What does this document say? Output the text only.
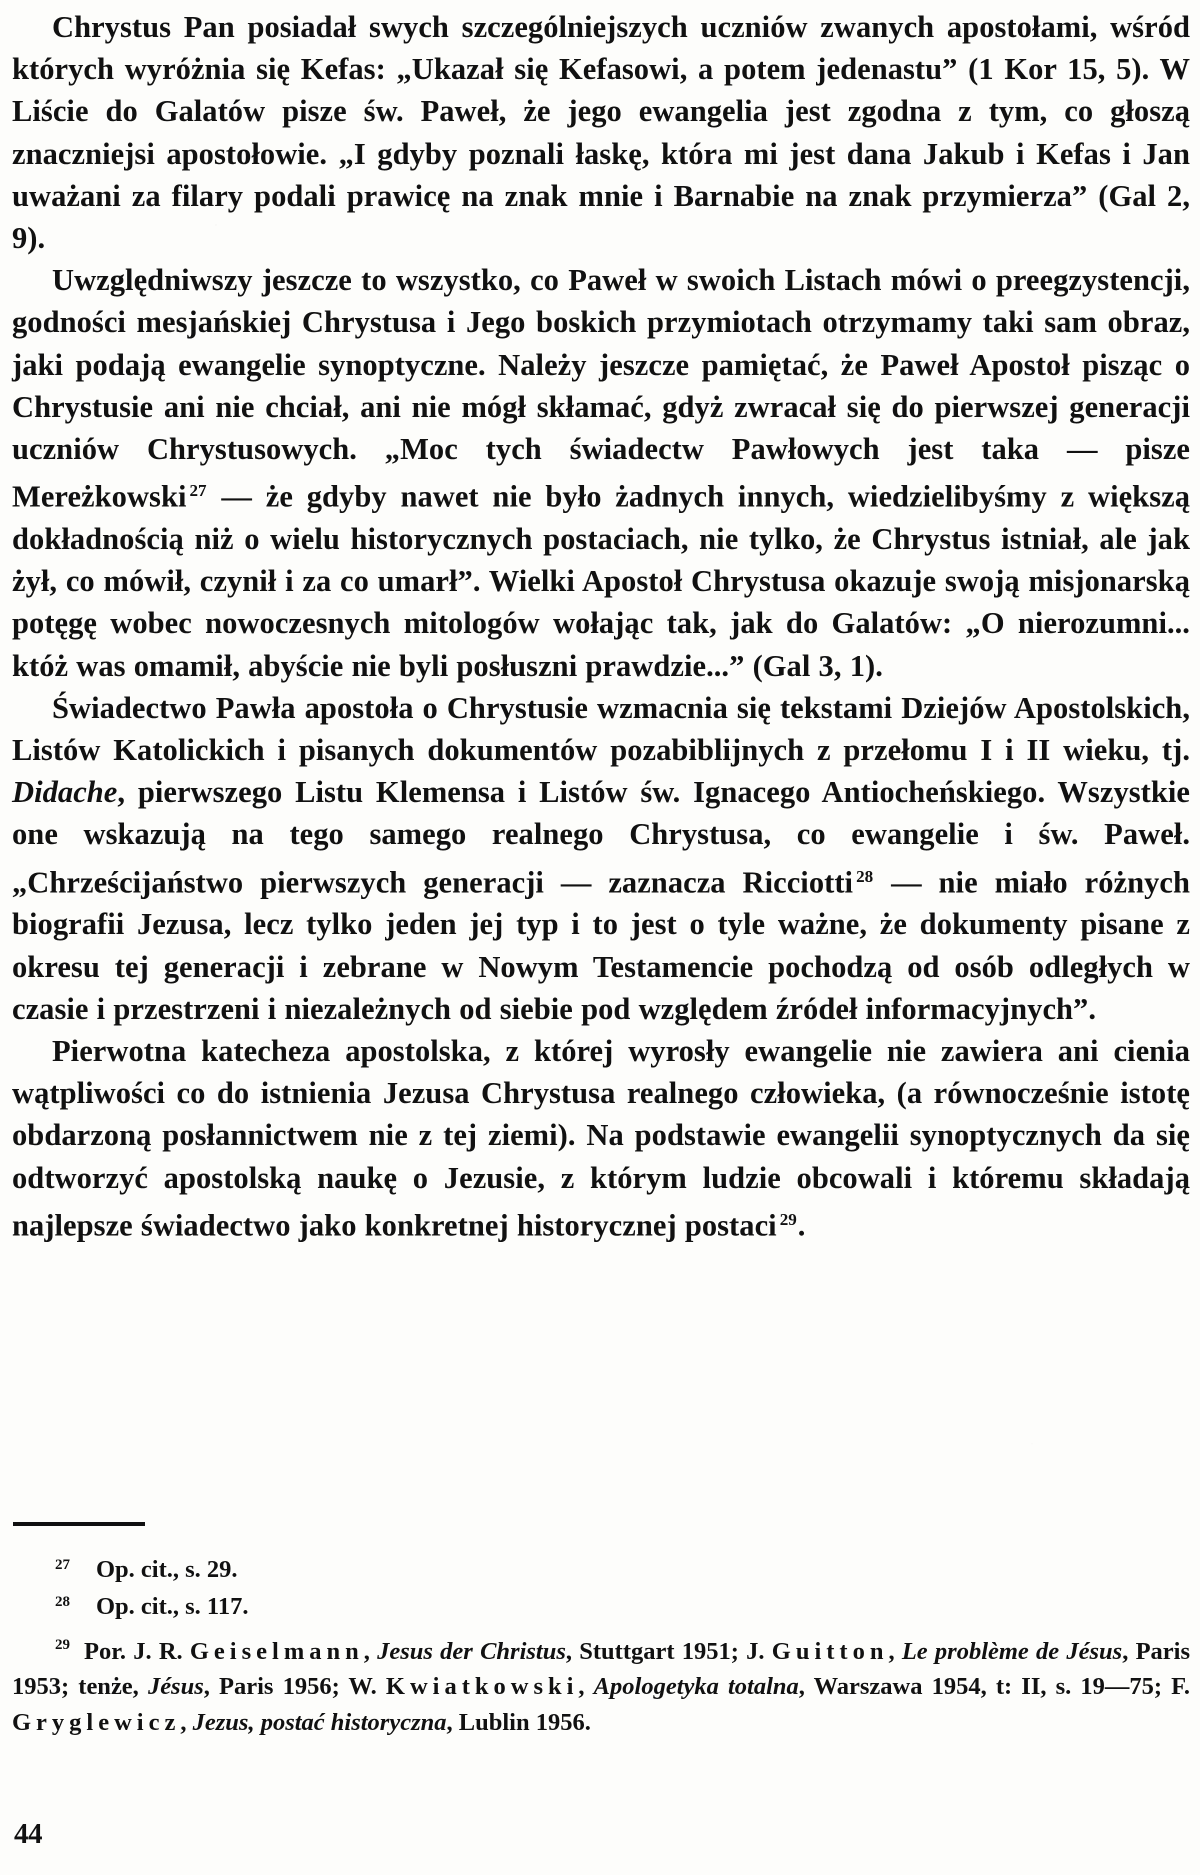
Chrystus Pan posiadał swych szczególniejszych uczniów zwanych apostołami, wśród których wyróżnia się Kefas: „Ukazał się Kefasowi, a potem jedenastu” (1 Kor 15, 5). W Liście do Galatów pisze św. Paweł, że jego ewangelia jest zgodna z tym, co głoszą znaczniejsi apostołowie. „I gdyby poznali łaskę, która mi jest dana Jakub i Kefas i Jan uważani za filary podali prawicę na znak mnie i Barnabie na znak przymierza” (Gal 2, 9).

Uwzględniwszy jeszcze to wszystko, co Paweł w swoich Listach mówi o preegzystencji, godności mesjańskiej Chrystusa i Jego boskich przymiotach otrzymamy taki sam obraz, jaki podają ewangelie synoptyczne. Należy jeszcze pamiętać, że Paweł Apostoł pisząc o Chrystusie ani nie chciał, ani nie mógł skłamać, gdyż zwracał się do pierwszej generacji uczniów Chrystusowych. „Moc tych świadectw Pawłowych jest taka — pisze Mereżkowski $^{27}$ — że gdyby nawet nie było żadnych innych, wiedzielibyśmy z większą dokładnością niż o wielu historycznych postaciach, nie tylko, że Chrystus istniał, ale jak żył, co mówił, czynił i za co umarł”. Wielki Apostoł Chrystusa okazuje swoją misjonarską potęgę wobec nowoczesnych mitologów wołając tak, jak do Galatów: „O nierozumni... któż was omamił, abyście nie byli posłuszni prawdzie...” (Gal 3, 1).

Świadectwo Pawła apostoła o Chrystusie wzmacnia się tekstami Dziejów Apostolskich, Listów Katolickich i pisanych dokumentów pozabiblijnych z przełomu I i II wieku, tj. Didache, pierwszego Listu Klemensa i Listów św. Ignacego Antiocheńskiego. Wszystkie one wskazują na tego samego realnego Chrystusa, co ewangelie i św. Paweł. „Chrześcijaństwo pierwszych generacji — zaznacza Ricciotti $^{28}$ — nie miało różnych biografii Jezusa, lecz tylko jeden jej typ i to jest o tyle ważne, że dokumenty pisane z okresu tej generacji i zebrane w Nowym Testamencie pochodzą od osób odległych w czasie i przestrzeni i niezależnych od siebie pod względem źródeł informacyjnych”.

Pierwotna katecheza apostolska, z której wyrosły ewangelie nie zawiera ani cienia wątpliwości co do istnienia Jezusa Chrystusa realnego człowieka, (a równocześnie istotę obdarzoną posłannictwem nie z tej ziemi). Na podstawie ewangelii synoptycznych da się odtworzyć apostolską naukę o Jezusie, z którym ludzie obcowali i któremu składają najlepsze świadectwo jako konkretnej historycznej postaci $^{29}$.

27 Op. cit., s. 29.
28 Op. cit., s. 117.
$^{29}$ Por. J. R. Geiselmann, Jesus der Christus, Stuttgart 1951; J. Guitton, Le problème de Jésus, Paris 1953; tenże, Jésus, Paris 1956; W. Kwiatkowski, Apologetyka totalna, Warszawa 1954, t: II, s. 19—75; F. Gryglewicz, Jezus, postać historyczna, Lublin 1956.
44
